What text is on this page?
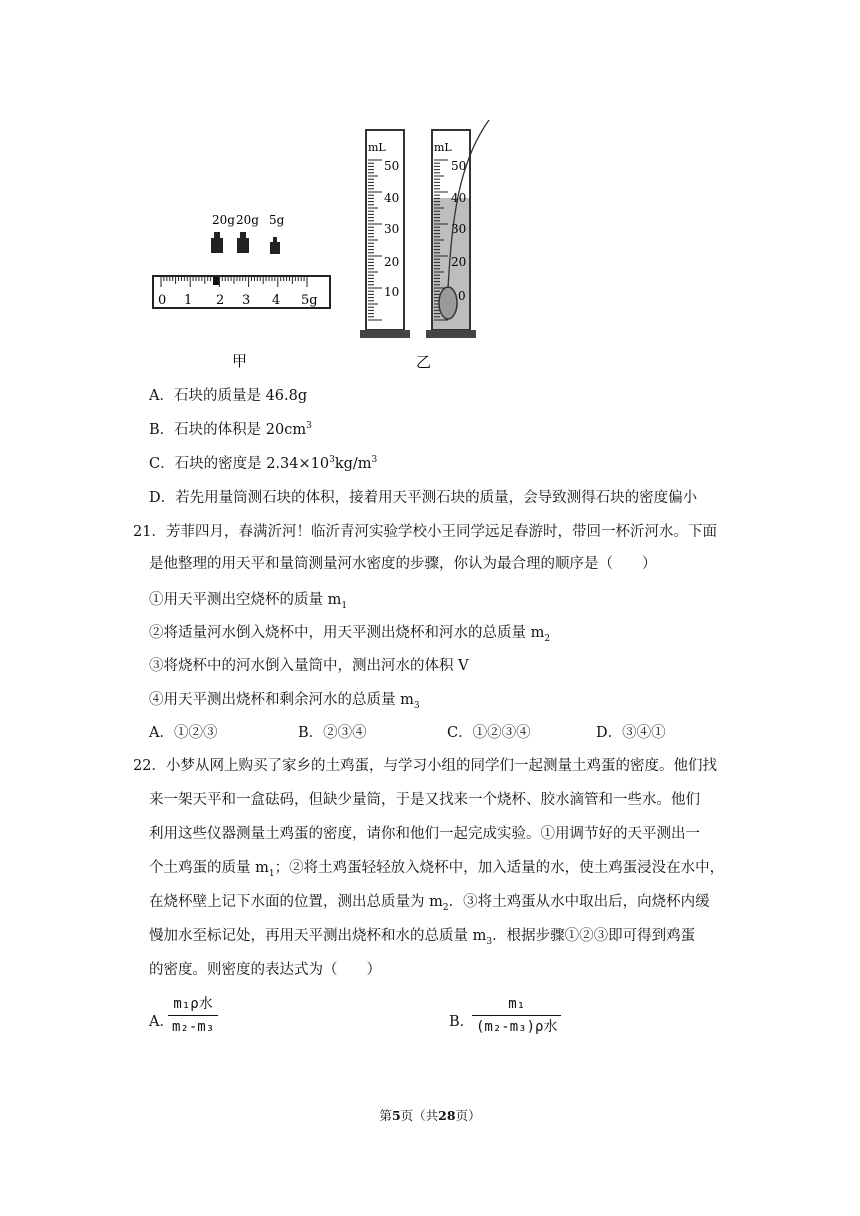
20g 20g 5g
0 1 2 3 4 5g
甲
mL
50
40
30
20
10
mL
50
40
30
20
0
乙
A．石块的质量是 46.8g
B．石块的体积是 $20cm^3$
C．石块的密度是 $2.34\times 10^3kg/m^3$
D．若先用量筒测石块的体积，接着用天平测石块的质量，会导致测得石块的密度偏小
21．芳菲四月，春满沂河！临沂青河实验学校小王同学远足春游时，带回一杯沂河水。下面
是他整理的用天平和量筒测量河水密度的步骤，你认为最合理的顺序是（　　）
①用天平测出空烧杯的质量 $m_1$
②将适量河水倒入烧杯中，用天平测出烧杯和河水的总质量 $m_2$
③将烧杯中的河水倒入量筒中，测出河水的体积 V
④用天平测出烧杯和剩余河水的总质量 $m_3$
A．①②③	B．②③④	C．①②③④	D．③④①
22．小梦从网上购买了家乡的土鸡蛋，与学习小组的同学们一起测量土鸡蛋的密度。他们找
来一架天平和一盒砝码，但缺少量筒，于是又找来一个烧杯、胶水滴管和一些水。他们
利用这些仪器测量土鸡蛋的密度，请你和他们一起完成实验。①用调节好的天平测出一
个土鸡蛋的质量 $m_1$；②将土鸡蛋轻轻放入烧杯中，加入适量的水，使土鸡蛋浸没在水中，
在烧杯壁上记下水面的位置，测出总质量为 $m_2$．③将土鸡蛋从水中取出后，向烧杯内缓
慢加水至标记处，再用天平测出烧杯和水的总质量 $m_3$．根据步骤①②③即可得到鸡蛋
的密度。则密度的表达式为（　　）
A．
m₁ρ水
m₂-m₃	B．
m₁
(m₂-m₃)ρ水
第5页（共28页）
